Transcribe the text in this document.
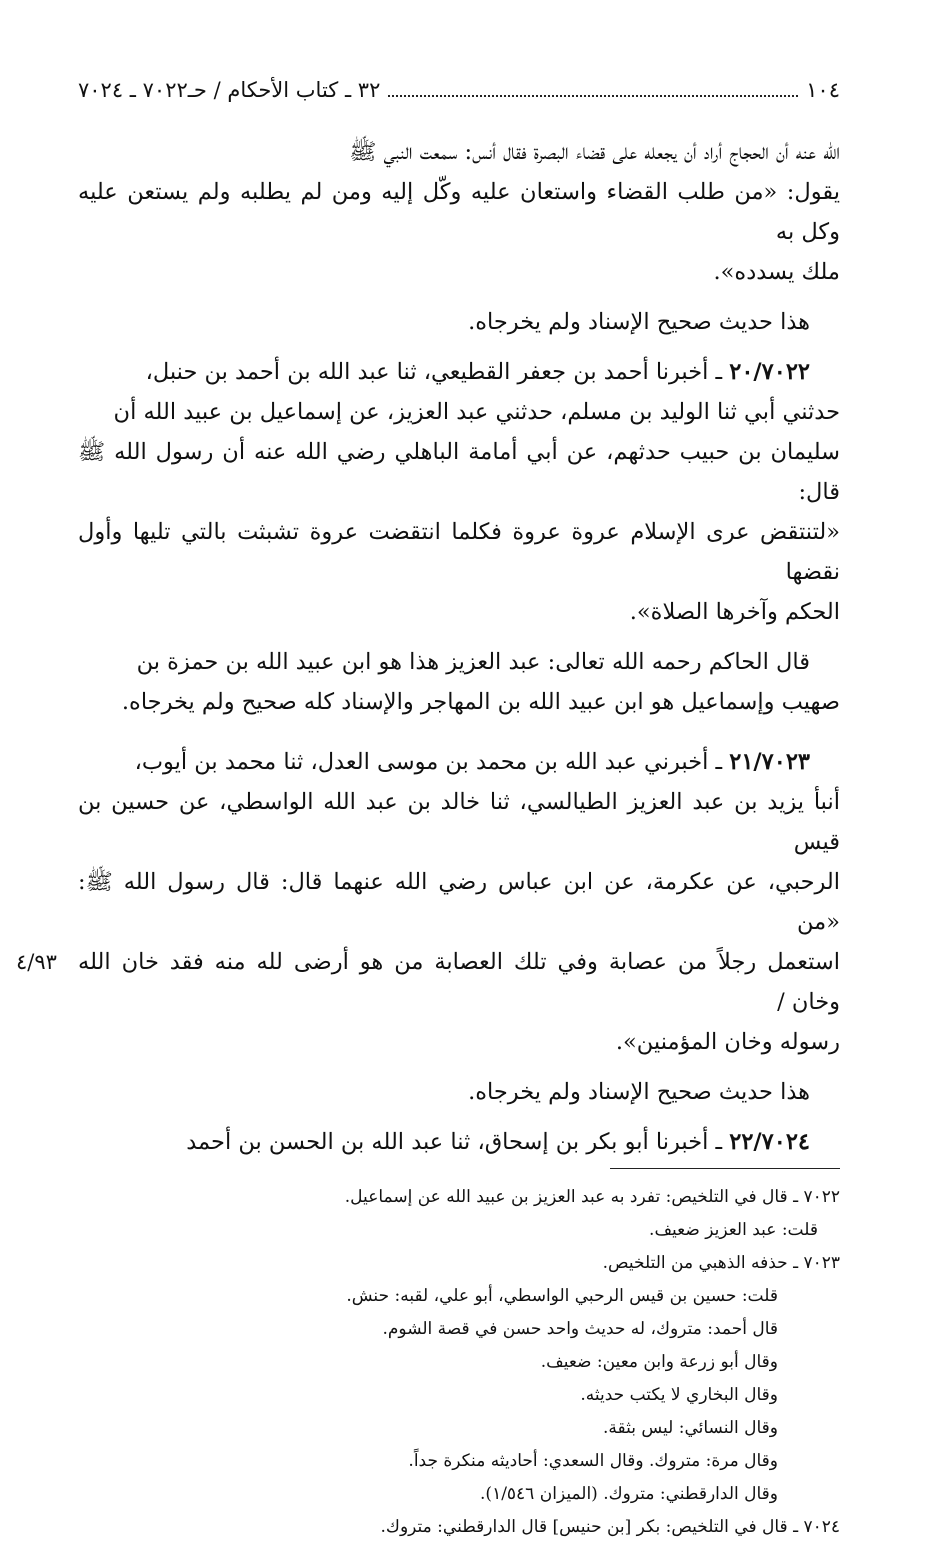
١٠٤
٣٢ ـ كتاب الأحكام / حـ٧٠٢٢ ـ ٧٠٢٤

الله عنه أن الحجاج أراد أن يجعله على قضاء البصرة فقال أنس: سمعت النبي ﷺ

يقول: «من طلب القضاء واستعان عليه وكّل إليه ومن لم يطلبه ولم يستعن عليه وكل به

ملك يسدده».

هذا حديث صحيح الإسناد ولم يخرجاه.

٢٠/٧٠٢٢ ـ أخبرنا أحمد بن جعفر القطيعي، ثنا عبد الله بن أحمد بن حنبل،

حدثني أبي ثنا الوليد بن مسلم، حدثني عبد العزيز، عن إسماعيل بن عبيد الله أن

سليمان بن حبيب حدثهم، عن أبي أمامة الباهلي رضي الله عنه أن رسول الله ﷺ قال:

«لتنتقض عرى الإسلام عروة عروة فكلما انتقضت عروة تشبثت بالتي تليها وأول نقضها

الحكم وآخرها الصلاة».

قال الحاكم رحمه الله تعالى: عبد العزيز هذا هو ابن عبيد الله بن حمزة بن

صهيب وإسماعيل هو ابن عبيد الله بن المهاجر والإسناد كله صحيح ولم يخرجاه.

٢١/٧٠٢٣ ـ أخبرني عبد الله بن محمد بن موسى العدل، ثنا محمد بن أيوب،

أنبأ يزيد بن عبد العزيز الطيالسي، ثنا خالد بن عبد الله الواسطي، عن حسين بن قيس

الرحبي، عن عكرمة، عن ابن عباس رضي الله عنهما قال: قال رسول الله ﷺ: «من

استعمل رجلاً من عصابة وفي تلك العصابة من هو أرضى لله منه فقد خان الله وخان /
٤/٩٣

رسوله وخان المؤمنين».

هذا حديث صحيح الإسناد ولم يخرجاه.

٢٢/٧٠٢٤ ـ أخبرنا أبو بكر بن إسحاق، ثنا عبد الله بن الحسن بن أحمد

٧٠٢٢ ـ قال في التلخيص: تفرد به عبد العزيز بن عبيد الله عن إسماعيل.

قلت: عبد العزيز ضعيف.

٧٠٢٣ ـ حذفه الذهبي من التلخيص.

قلت: حسين بن قيس الرحبي الواسطي، أبو علي، لقبه: حنش.

قال أحمد: متروك، له حديث واحد حسن في قصة الشوم.

وقال أبو زرعة وابن معين: ضعيف.

وقال البخاري لا يكتب حديثه.

وقال النسائي: ليس بثقة.

وقال مرة: متروك. وقال السعدي: أحاديثه منكرة جداً.

وقال الدارقطني: متروك. (الميزان ١/٥٤٦).

٧٠٢٤ ـ قال في التلخيص: بكر [بن حنيس] قال الدارقطني: متروك.
